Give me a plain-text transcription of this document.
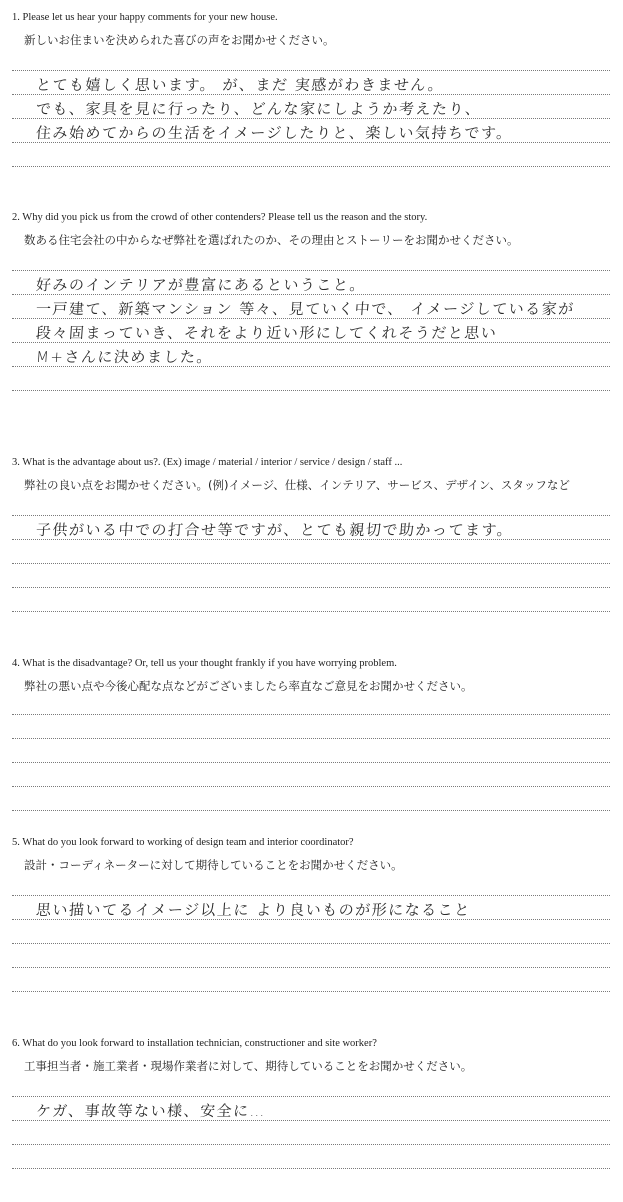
1. Please let us hear your happy comments for your new house.
新しいお住まいを決められた喜びの声をお聞かせください。
とても嬉しく思います。 が、まだ 実感がわきません。
でも、家具を見に行ったり、どんな家にしようか考えたり、
住み始めてからの生活をイメージしたりと、楽しい気持ちです。
2. Why did you pick us from the crowd of other contenders? Please tell us the reason and the story.
数ある住宅会社の中からなぜ弊社を選ばれたのか、その理由とストーリーをお聞かせください。
好みのインテリアが豊富にあるということ。
一戸建て、新築マンション 等々、見ていく中で、 イメージしている家が
段々固まっていき、それをより近い形にしてくれそうだと思い
M+さんに決めました。
3. What is the advantage about us?. (Ex) image / material / interior / service / design / staff ...
弊社の良い点をお聞かせください。(例)イメージ、仕様、インテリア、サービス、デザイン、スタッフなど
子供がいる中での打合せ等ですが、とても親切で助かってます。
4. What is the disadvantage? Or, tell us your thought frankly if you have worrying problem.
弊社の悪い点や今後心配な点などがございましたら率直なご意見をお聞かせください。
5. What do you look forward to working of design team and interior coordinator?
設計・コーディネーターに対して期待していることをお聞かせください。
思い描いてるイメージ以上に より良いものが形になること
6. What do you look forward to installation technician, constructioner and site worker?
工事担当者・施工業者・現場作業者に対して、期待していることをお聞かせください。
ケガ、事故等ない様、安全に…
